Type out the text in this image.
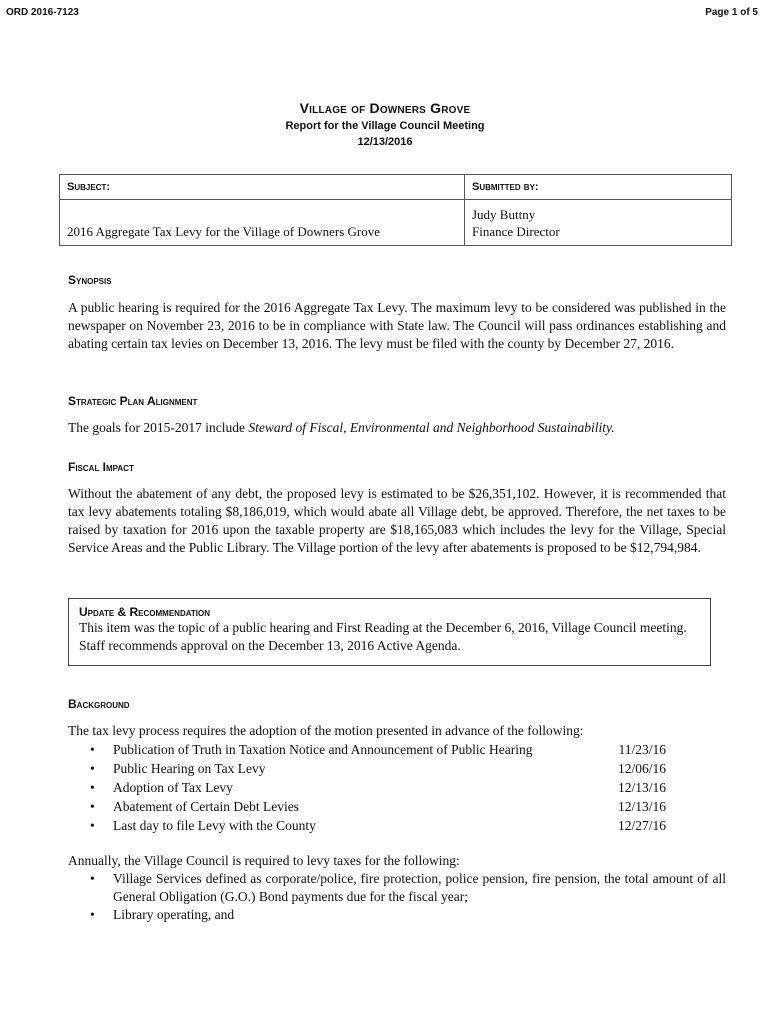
ORD 2016-7123	Page 1 of 5
Village of Downers Grove
Report for the Village Council Meeting
12/13/2016
Subject:	Submitted by:
2016 Aggregate Tax Levy for the Village of Downers Grove	Judy Buttny
Finance Director
Synopsis
A public hearing is required for the 2016 Aggregate Tax Levy. The maximum levy to be considered was published in the newspaper on November 23, 2016 to be in compliance with State law. The Council will pass ordinances establishing and abating certain tax levies on December 13, 2016. The levy must be filed with the county by December 27, 2016.
Strategic Plan Alignment
The goals for 2015-2017 include Steward of Fiscal, Environmental and Neighborhood Sustainability.
Fiscal Impact
Without the abatement of any debt, the proposed levy is estimated to be $26,351,102. However, it is recommended that tax levy abatements totaling $8,186,019, which would abate all Village debt, be approved. Therefore, the net taxes to be raised by taxation for 2016 upon the taxable property are $18,165,083 which includes the levy for the Village, Special Service Areas and the Public Library. The Village portion of the levy after abatements is proposed to be $12,794,984.
Update & Recommendation
This item was the topic of a public hearing and First Reading at the December 6, 2016, Village Council meeting. Staff recommends approval on the December 13, 2016 Active Agenda.
Background
The tax levy process requires the adoption of the motion presented in advance of the following:
• Publication of Truth in Taxation Notice and Announcement of Public Hearing	11/23/16
• Public Hearing on Tax Levy	12/06/16
• Adoption of Tax Levy	12/13/16
• Abatement of Certain Debt Levies	12/13/16
• Last day to file Levy with the County	12/27/16
Annually, the Village Council is required to levy taxes for the following:
• Village Services defined as corporate/police, fire protection, police pension, fire pension, the total amount of all General Obligation (G.O.) Bond payments due for the fiscal year;
• Library operating, and
